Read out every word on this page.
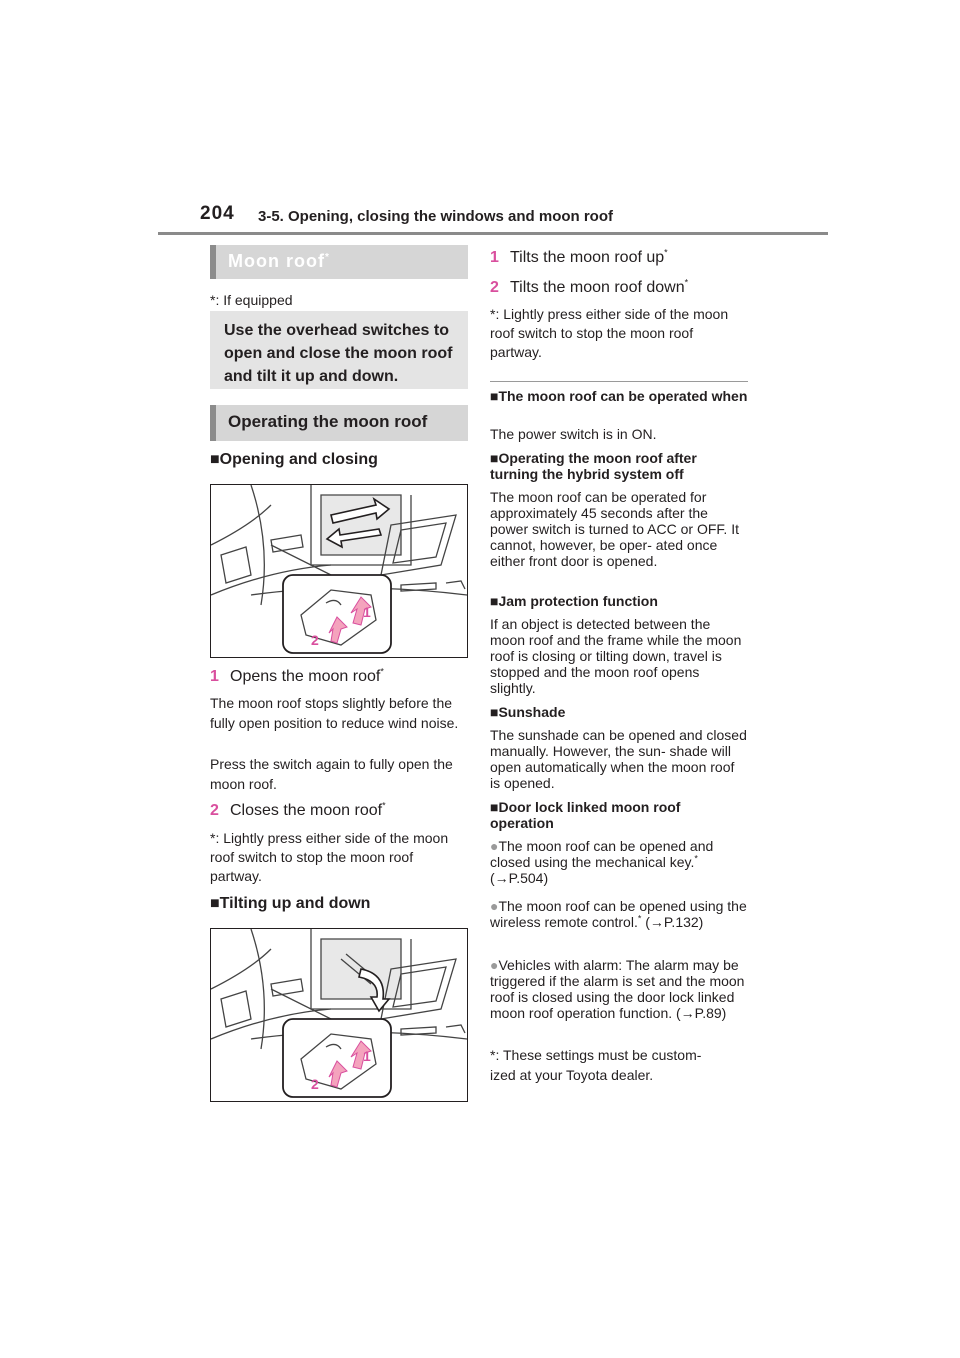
204 3-5. Opening, closing the windows and moon roof
Moon roof*
*: If equipped
Use the overhead switches to open and close the moon roof and tilt it up and down.
Operating the moon roof
■Opening and closing
1
2
1 Opens the moon roof*
The moon roof stops slightly before the fully open position to reduce wind noise.
Press the switch again to fully open the moon roof.
2 Closes the moon roof*
*: Lightly press either side of the moon roof switch to stop the moon roof partway.
■Tilting up and down
1
2
1 Tilts the moon roof up*
2 Tilts the moon roof down*
*: Lightly press either side of the moon roof switch to stop the moon roof partway.
■The moon roof can be operated when
The power switch is in ON.
■Operating the moon roof after turning the hybrid system off
The moon roof can be operated for approximately 45 seconds after the power switch is turned to ACC or OFF. It cannot, however, be oper- ated once either front door is opened.
■Jam protection function
If an object is detected between the moon roof and the frame while the moon roof is closing or tilting down, travel is stopped and the moon roof opens slightly.
■Sunshade
The sunshade can be opened and closed manually. However, the sun- shade will open automatically when the moon roof is opened.
■Door lock linked moon roof operation
●The moon roof can be opened and closed using the mechanical key.* (→P.504)
●The moon roof can be opened using the wireless remote control.* (→P.132)
●Vehicles with alarm: The alarm may be triggered if the alarm is set and the moon roof is closed using the door lock linked moon roof operation function. (→P.89)
*: These settings must be custom- ized at your Toyota dealer.
